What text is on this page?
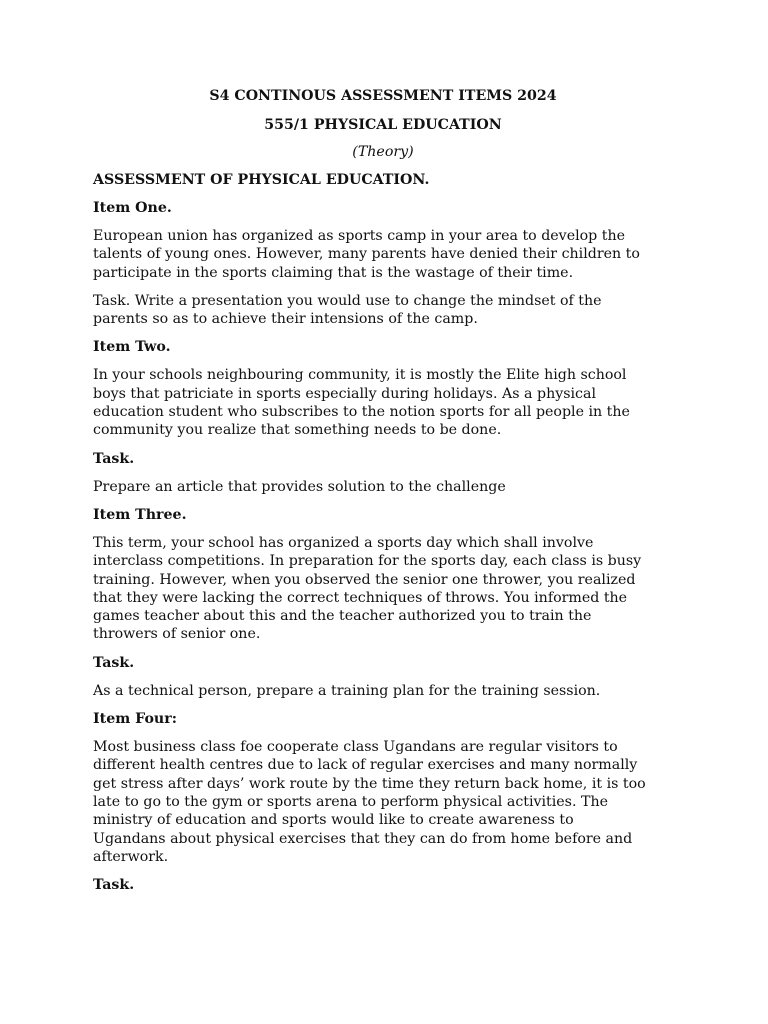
S4 CONTINOUS ASSESSMENT ITEMS 2024
555/1 PHYSICAL EDUCATION
(Theory)
ASSESSMENT OF PHYSICAL EDUCATION.
Item One.
European union has organized as sports camp in your area to develop the
talents of young ones. However, many parents have denied their children to
participate in the sports claiming that is the wastage of their time.
Task. Write a presentation you would use to change the mindset of the
parents so as to achieve their intensions of the camp.
Item Two.
In your schools neighbouring community, it is mostly the Elite high school
boys that patriciate in sports especially during holidays. As a physical
education student who subscribes to the notion sports for all people in the
community you realize that something needs to be done.
Task.
Prepare an article that provides solution to the challenge
Item Three.
This term, your school has organized a sports day which shall involve
interclass competitions. In preparation for the sports day, each class is busy
training. However, when you observed the senior one thrower, you realized
that they were lacking the correct techniques of throws. You informed the
games teacher about this and the teacher authorized you to train the
throwers of senior one.
Task.
As a technical person, prepare a training plan for the training session.
Item Four:
Most business class foe cooperate class Ugandans are regular visitors to
different health centres due to lack of regular exercises and many normally
get stress after days’ work route by the time they return back home, it is too
late to go to the gym or sports arena to perform physical activities. The
ministry of education and sports would like to create awareness to
Ugandans about physical exercises that they can do from home before and
afterwork.
Task.
